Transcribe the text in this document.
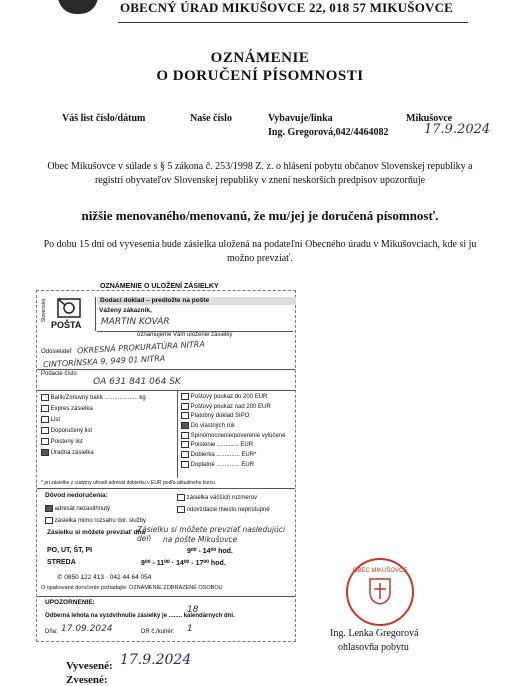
OBECNÝ ÚRAD MIKUŠOVCE 22, 018 57 MIKUŠOVCE
OZNÁMENIE
O DORUČENÍ PÍSOMNOSTI
Váš list číslo/dátum	Naše číslo	Vybavuje/linka
Ing. Gregorová,042/4464082
Mikušovce
17.9.2024
Obec Mikušovce v súlade s § 5 zákona č. 253/1998 Z. z. o hlásení pobytu občanov Slovenskej republiky a registri obyvateľov Slovenskej republiky v znení neskorších predpisov upozorňuje
nižšie menovaného/menovanú, že mu/jej je doručená písomnosť.
Po dobu 15 dní od vyvesenia bude zásielka uložená na podateľni Obecného úradu v Mikušovciach, kde si ju možno prevziať.
OZNÁMENIE O ULOŽENÍ ZÁSIELKY
Slovenská
POŠTA
Dodací doklad – predložte na pošte
Vážený zákazník,
MARTIN KOVÁR
oznamujeme Vám uloženie zásielky
Odosielateľ OKRESNÁ PROKURATÚRA NITRA
CINTORÍNSKA 9, 949 01 NITRA
Podacie číslo
OA 631 841 064 SK
Balík/Zmluvný balík .................... kg
Expres zásielka
List
Doporučený list
Poistený list
Úradná zásielka
Poštový poukaz do 200 EUR
Poštový poukaz nad 200 EUR
Platobný doklad SIPO
Do vlastných rúk
Spinomocnenie/poverenie vylúčené
Poistenie ............. EUR
Dobierka .............. EUR*
Doplatné .............. EUR
* pri zásielke z cudziny uhradí adresát dobierku v EUR podľa aktuálneho kurzu
Dôvod nedoručenia:
adresát nezastihnutý
zásielka mimo rozsahu dor. služby
zásielka väčších rozmerov
odovzdacie miesto neprístupné
Zásielku si môžete prevziať dňa
Zásielku si môžete prevziať nasledujúci deň	na pošte Mikušovce
PO, UT, ŠT, PI	9⁰⁰ - 14⁰⁰ hod.
STREDA	9⁰⁰ - 11⁰⁰ · 14⁰⁰ - 17⁰⁰ hod.
✆ 0850 122 413 · 042 44 64 054
O opakované doručenie požiadajte: OZNÁMENIE ZOBRAZENÉ OSOBOU
UPOZORNENIE:
Odberná lehota na vyzdvihnutie zásielky je ........ kalendárnych dní.
18
Dňa: 17.09.2024	DR č./kuriér: 1
OBEC MIKUŠOVCE
Ing. Lenka Gregorová
ohlasovňa pobytu
Vyvesené: 17.9.2024
Zvesené:
